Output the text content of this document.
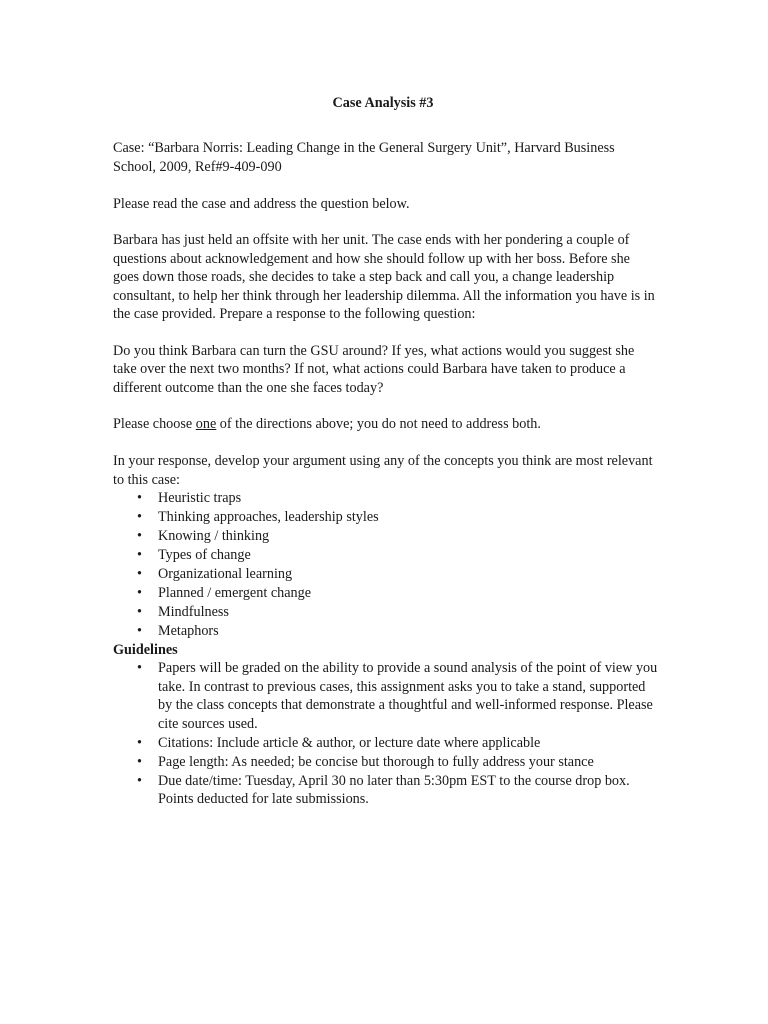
Case Analysis #3

Case: “Barbara Norris: Leading Change in the General Surgery Unit”, Harvard Business School, 2009, Ref#9-409-090

Please read the case and address the question below.

Barbara has just held an offsite with her unit. The case ends with her pondering a couple of questions about acknowledgement and how she should follow up with her boss. Before she goes down those roads, she decides to take a step back and call you, a change leadership consultant, to help her think through her leadership dilemma. All the information you have is in the case provided. Prepare a response to the following question:

Do you think Barbara can turn the GSU around? If yes, what actions would you suggest she take over the next two months? If not, what actions could Barbara have taken to produce a different outcome than the one she faces today?

Please choose one of the directions above; you do not need to address both.

In your response, develop your argument using any of the concepts you think are most relevant to this case:
• Heuristic traps
• Thinking approaches, leadership styles
• Knowing / thinking
• Types of change
• Organizational learning
• Planned / emergent change
• Mindfulness
• Metaphors
Guidelines
• Papers will be graded on the ability to provide a sound analysis of the point of view you take. In contrast to previous cases, this assignment asks you to take a stand, supported by the class concepts that demonstrate a thoughtful and well-informed response. Please cite sources used.
• Citations: Include article & author, or lecture date where applicable
• Page length: As needed; be concise but thorough to fully address your stance
• Due date/time: Tuesday, April 30 no later than 5:30pm EST to the course drop box. Points deducted for late submissions.
